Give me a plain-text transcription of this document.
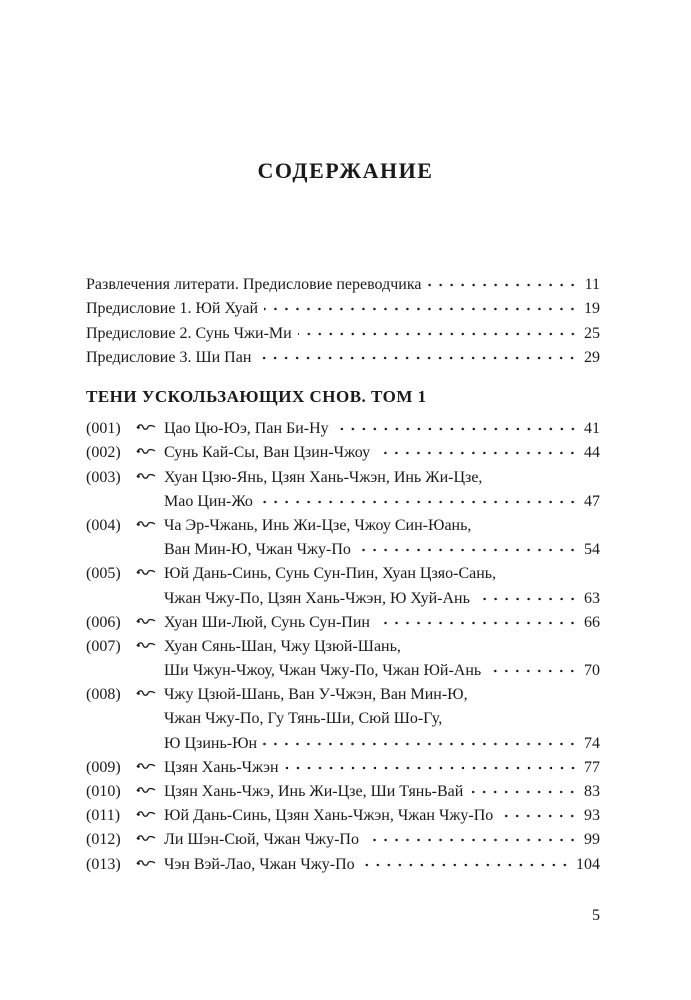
СОДЕРЖАНИЕ
Развлечения литерати. Предисловие переводчика	11
Предисловие 1. Юй Хуай	19
Предисловие 2. Сунь Чжи-Ми	25
Предисловие 3. Ши Пан	29
ТЕНИ УСКОЛЬЗАЮЩИХ СНОВ. ТОМ 1
(001)	Цао Цю-Юэ, Пан Би-Ну	41
(002)	Сунь Кай-Сы, Ван Цзин-Чжоу	44
(003)	Хуан Цзю-Янь, Цзян Хань-Чжэн, Инь Жи-Цзе,
Мао Цин-Жо	47
(004)	Ча Эр-Чжань, Инь Жи-Цзе, Чжоу Син-Юань,
Ван Мин-Ю, Чжан Чжу-По	54
(005)	Юй Дань-Синь, Сунь Сун-Пин, Хуан Цзяо-Сань,
Чжан Чжу-По, Цзян Хань-Чжэн, Ю Хуй-Ань	63
(006)	Хуан Ши-Люй, Сунь Сун-Пин	66
(007)	Хуан Сянь-Шан, Чжу Цзюй-Шань,
Ши Чжун-Чжоу, Чжан Чжу-По, Чжан Юй-Ань	70
(008)	Чжу Цзюй-Шань, Ван У-Чжэн, Ван Мин-Ю,
Чжан Чжу-По, Гу Тянь-Ши, Сюй Шо-Гу,
Ю Цзинь-Юн	74
(009)	Цзян Хань-Чжэн	77
(010)	Цзян Хань-Чжэ, Инь Жи-Цзе, Ши Тянь-Вай	83
(011)	Юй Дань-Синь, Цзян Хань-Чжэн, Чжан Чжу-По	93
(012)	Ли Шэн-Сюй, Чжан Чжу-По	99
(013)	Чэн Вэй-Лао, Чжан Чжу-По	104
5
